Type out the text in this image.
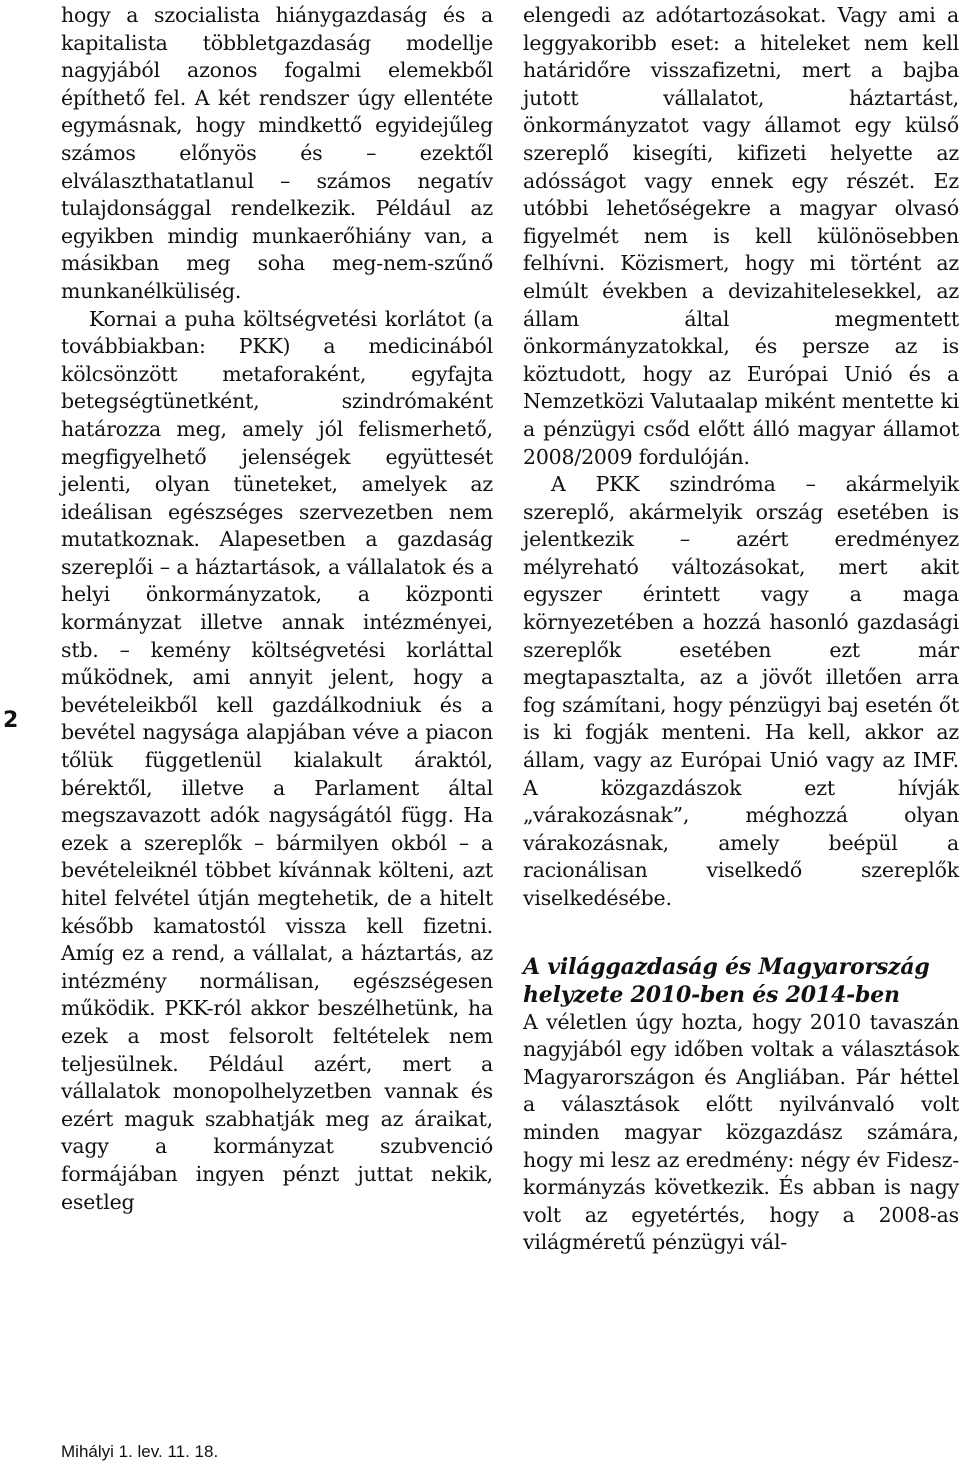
2

hogy a szocialista hiánygazdaság és a kapitalista többletgazdaság modellje nagyjából azonos fogalmi elemekből építhető fel. A két rendszer úgy ellentéte egymásnak, hogy mindkettő egyidejűleg számos előnyös és – ezektől elválaszthatatlanul – számos negatív tulajdonsággal rendelkezik. Például az egyikben mindig munkaerőhiány van, a másikban meg soha meg-nem-szűnő munkanélküliség.

Kornai a puha költségvetési korlátot (a továbbiakban: PKK) a medicinából kölcsönzött metaforaként, egyfajta betegségtünetként, szindrómaként határozza meg, amely jól felismerhető, megfigyelhető jelenségek együttesét jelenti, olyan tüneteket, amelyek az ideálisan egészséges szervezetben nem mutatkoznak. Alapesetben a gazdaság szereplői – a háztartások, a vállalatok és a helyi önkormányzatok, a központi kormányzat illetve annak intézményei, stb. – kemény költségvetési korláttal működnek, ami annyit jelent, hogy a bevételeikből kell gazdálkodniuk és a bevétel nagysága alapjában véve a piacon tőlük függetlenül kialakult áraktól, bérektől, illetve a Parlament által megszavazott adók nagyságától függ. Ha ezek a szereplők – bármilyen okból – a bevételeiknél többet kívánnak költeni, azt hitel felvétel útján megtehetik, de a hitelt később kamatostól vissza kell fizetni. Amíg ez a rend, a vállalat, a háztartás, az intézmény normálisan, egészségesen működik. PKK-ról akkor beszélhetünk, ha ezek a most felsorolt feltételek nem teljesülnek. Például azért, mert a vállalatok monopolhelyzetben vannak és ezért maguk szabhatják meg az áraikat, vagy a kormányzat szubvenció formájában ingyen pénzt juttat nekik, esetleg

elengedi az adótartozásokat. Vagy ami a leggyakoribb eset: a hiteleket nem kell határidőre visszafizetni, mert a bajba jutott vállalatot, háztartást, önkormányzatot vagy államot egy külső szereplő kisegíti, kifizeti helyette az adósságot vagy ennek egy részét. Ez utóbbi lehetőségekre a magyar olvasó figyelmét nem is kell különösebben felhívni. Közismert, hogy mi történt az elmúlt években a devizahitelesekkel, az állam által megmentett önkormányzatokkal, és persze az is köztudott, hogy az Európai Unió és a Nemzetközi Valutaalap miként mentette ki a pénzügyi csőd előtt álló magyar államot 2008/2009 fordulóján.

A PKK szindróma – akármelyik szereplő, akármelyik ország esetében is jelentkezik – azért eredményez mélyreható változásokat, mert akit egyszer érintett vagy a maga környezetében a hozzá hasonló gazdasági szereplők esetében ezt már megtapasztalta, az a jövőt illetően arra fog számítani, hogy pénzügyi baj esetén őt is ki fogják menteni. Ha kell, akkor az állam, vagy az Európai Unió vagy az IMF. A közgazdászok ezt hívják „várakozásnak”, méghozzá olyan várakozásnak, amely beépül a racionálisan viselkedő szereplők viselkedésébe.

A világgazdaság és Magyarország helyzete 2010-ben és 2014-ben

A véletlen úgy hozta, hogy 2010 tavaszán nagyjából egy időben voltak a választások Magyarországon és Angliában. Pár héttel a választások előtt nyilvánvaló volt minden magyar közgazdász számára, hogy mi lesz az eredmény: négy év Fidesz-kormányzás következik. És abban is nagy volt az egyetértés, hogy a 2008-as világméretű pénzügyi vál-

Mihályi 1. lev. 11. 18.
